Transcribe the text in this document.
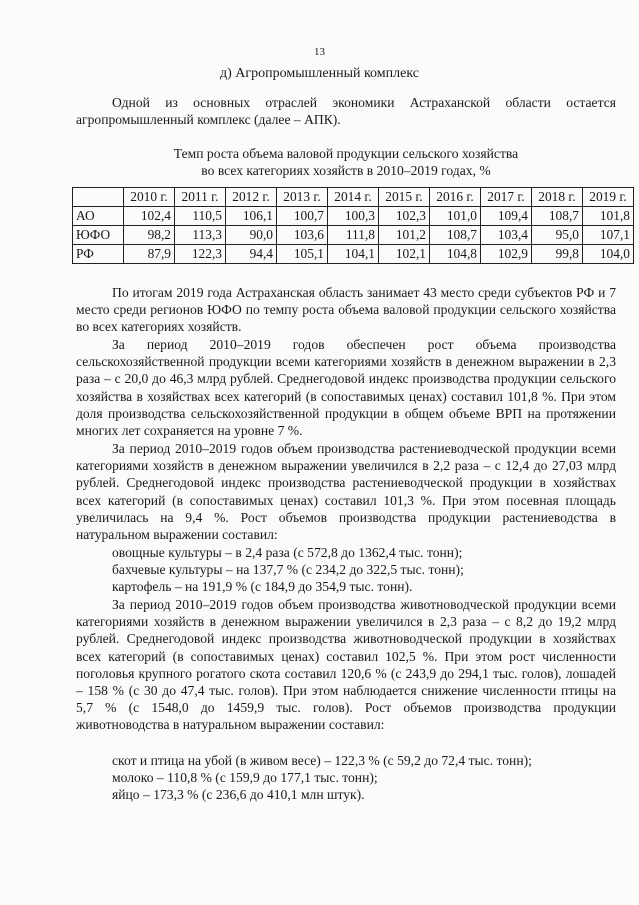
13
д) Агропромышленный комплекс

Одной из основных отраслей экономики Астраханской области остается агропромышленный комплекс (далее – АПК).

Темп роста объема валовой продукции сельского хозяйства
во всех категориях хозяйств в 2010–2019 годах, %
	2010 г.	2011 г.	2012 г.	2013 г.	2014 г.	2015 г.	2016 г.	2017 г.	2018 г.	2019 г.
АО	102,4	110,5	106,1	100,7	100,3	102,3	101,0	109,4	108,7	101,8
ЮФО	98,2	113,3	90,0	103,6	111,8	101,2	108,7	103,4	95,0	107,1
РФ	87,9	122,3	94,4	105,1	104,1	102,1	104,8	102,9	99,8	104,0

По итогам 2019 года Астраханская область занимает 43 место среди субъектов РФ и 7 место среди регионов ЮФО по темпу роста объема валовой продукции сельского хозяйства во всех категориях хозяйств.

За период 2010–2019 годов обеспечен рост объема производства сельскохозяйственной продукции всеми категориями хозяйств в денежном выражении в 2,3 раза – с 20,0 до 46,3 млрд рублей. Среднегодовой индекс производства продукции сельского хозяйства в хозяйствах всех категорий (в сопоставимых ценах) составил 101,8 %. При этом доля производства сельскохозяйственной продукции в общем объеме ВРП на протяжении многих лет сохраняется на уровне 7 %.

За период 2010–2019 годов объем производства растениеводческой продукции всеми категориями хозяйств в денежном выражении увеличился в 2,2 раза – с 12,4 до 27,03 млрд рублей. Среднегодовой индекс производства растениеводческой продукции в хозяйствах всех категорий (в сопоставимых ценах) составил 101,3 %. При этом посевная площадь увеличилась на 9,4 %. Рост объемов производства продукции растениеводства в натуральном выражении составил:

овощные культуры – в 2,4 раза (с 572,8 до 1362,4 тыс. тонн);
бахчевые культуры – на 137,7 % (с 234,2 до 322,5 тыс. тонн);
картофель – на 191,9 % (с 184,9 до 354,9 тыс. тонн).

За период 2010–2019 годов объем производства животноводческой продукции всеми категориями хозяйств в денежном выражении увеличился в 2,3 раза – с 8,2 до 19,2 млрд рублей. Среднегодовой индекс производства животноводческой продукции в хозяйствах всех категорий (в сопоставимых ценах) составил 102,5 %. При этом рост численности поголовья крупного рогатого скота составил 120,6 % (с 243,9 до 294,1 тыс. голов), лошадей – 158 % (с 30 до 47,4 тыс. голов). При этом наблюдается снижение численности птицы на 5,7 % (с 1548,0 до 1459,9 тыс. голов). Рост объемов производства продукции животноводства в натуральном выражении составил:

скот и птица на убой (в живом весе) – 122,3 % (с 59,2 до 72,4 тыс. тонн);
молоко – 110,8 % (с 159,9 до 177,1 тыс. тонн);
яйцо – 173,3 % (с 236,6 до 410,1 млн штук).
